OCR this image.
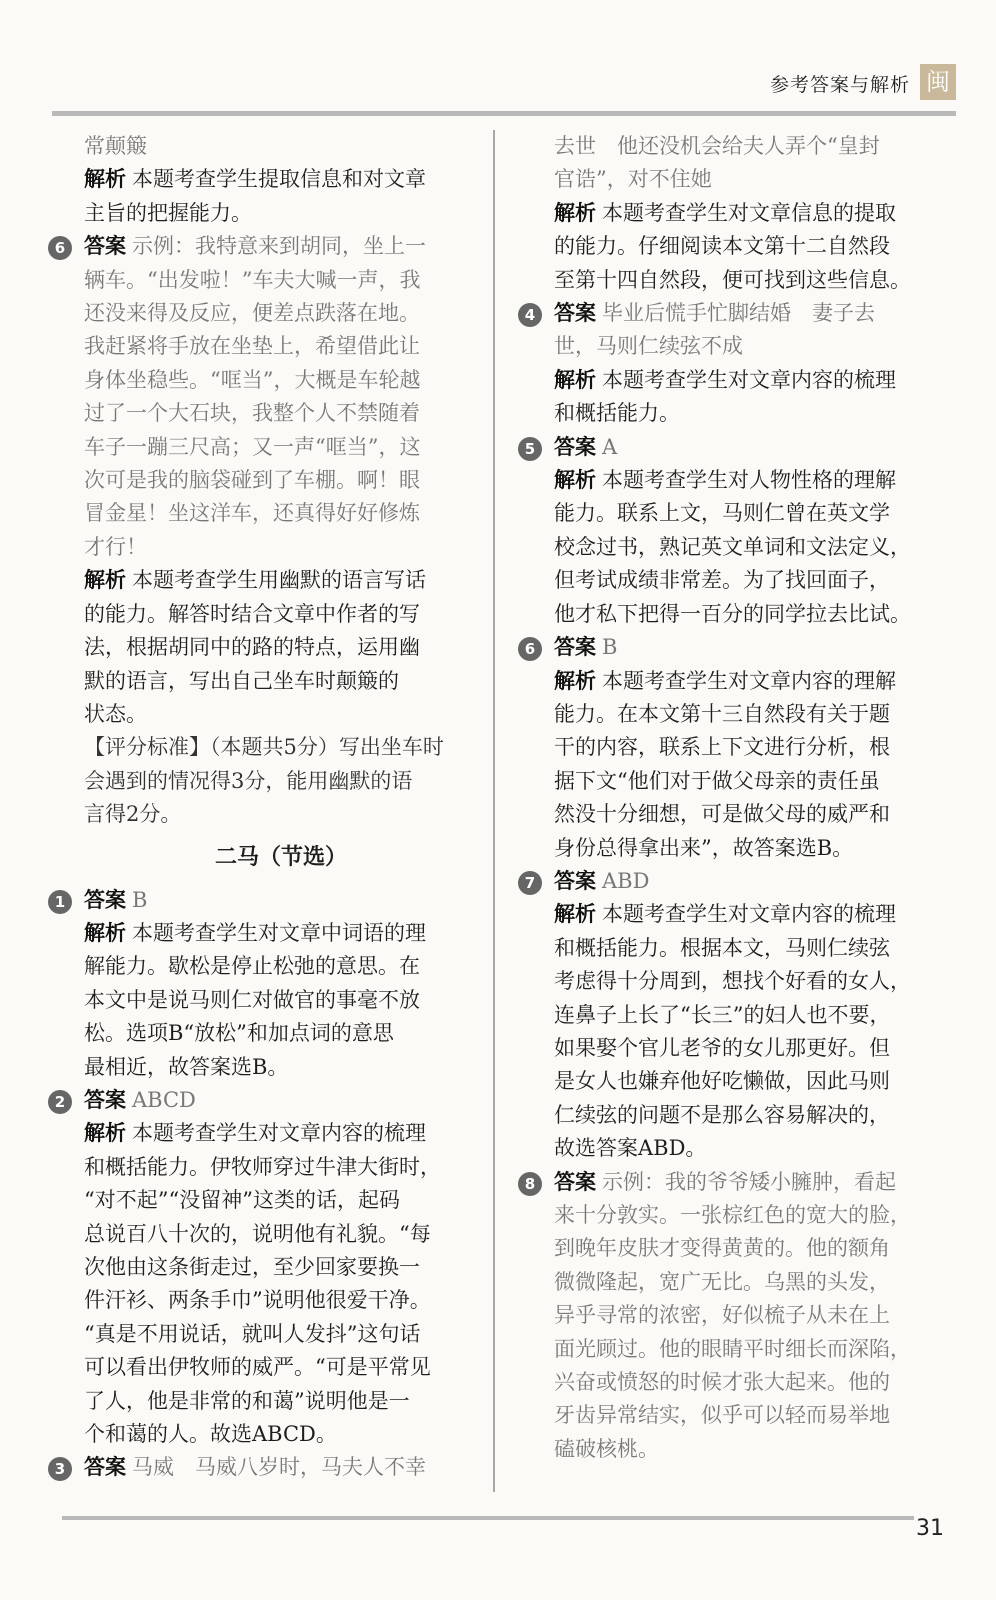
参考答案与解析 闽
常颠簸
解析 本题考查学生提取信息和对文章
主旨的把握能力。
6 答案 示例：我特意来到胡同，坐上一
辆车。“出发啦！”车夫大喊一声，我
还没来得及反应，便差点跌落在地。
我赶紧将手放在坐垫上，希望借此让
身体坐稳些。“哐当”，大概是车轮越
过了一个大石块，我整个人不禁随着
车子一蹦三尺高；又一声“哐当”，这
次可是我的脑袋碰到了车棚。啊！眼
冒金星！坐这洋车，还真得好好修炼
才行！
解析 本题考查学生用幽默的语言写话
的能力。解答时结合文章中作者的写
法，根据胡同中的路的特点，运用幽
默的语言，写出自己坐车时颠簸的
状态。
【评分标准】（本题共5分）写出坐车时
会遇到的情况得3分，能用幽默的语
言得2分。
二马（节选）
1 答案 B
解析 本题考查学生对文章中词语的理
解能力。歇松是停止松弛的意思。在
本文中是说马则仁对做官的事毫不放
松。选项B“放松”和加点词的意思
最相近，故答案选B。
2 答案 ABCD
解析 本题考查学生对文章内容的梳理
和概括能力。伊牧师穿过牛津大街时，
“对不起”“没留神”这类的话，起码
总说百八十次的，说明他有礼貌。“每
次他由这条街走过，至少回家要换一
件汗衫、两条手巾”说明他很爱干净。
“真是不用说话，就叫人发抖”这句话
可以看出伊牧师的威严。“可是平常见
了人，他是非常的和蔼”说明他是一
个和蔼的人。故选ABCD。
3 答案 马威　马威八岁时，马夫人不幸
去世　他还没机会给夫人弄个“皇封
官诰”，对不住她
解析 本题考查学生对文章信息的提取
的能力。仔细阅读本文第十二自然段
至第十四自然段，便可找到这些信息。
4 答案 毕业后慌手忙脚结婚　妻子去
世，马则仁续弦不成
解析 本题考查学生对文章内容的梳理
和概括能力。
5 答案 A
解析 本题考查学生对人物性格的理解
能力。联系上文，马则仁曾在英文学
校念过书，熟记英文单词和文法定义，
但考试成绩非常差。为了找回面子，
他才私下把得一百分的同学拉去比试。
6 答案 B
解析 本题考查学生对文章内容的理解
能力。在本文第十三自然段有关于题
干的内容，联系上下文进行分析，根
据下文“他们对于做父母亲的责任虽
然没十分细想，可是做父母的威严和
身份总得拿出来”，故答案选B。
7 答案 ABD
解析 本题考查学生对文章内容的梳理
和概括能力。根据本文，马则仁续弦
考虑得十分周到，想找个好看的女人，
连鼻子上长了“长三”的妇人也不要，
如果娶个官儿老爷的女儿那更好。但
是女人也嫌弃他好吃懒做，因此马则
仁续弦的问题不是那么容易解决的，
故选答案ABD。
8 答案 示例：我的爷爷矮小臃肿，看起
来十分敦实。一张棕红色的宽大的脸，
到晚年皮肤才变得黄黄的。他的额角
微微隆起，宽广无比。乌黑的头发，
异乎寻常的浓密，好似梳子从未在上
面光顾过。他的眼睛平时细长而深陷，
兴奋或愤怒的时候才张大起来。他的
牙齿异常结实，似乎可以轻而易举地
磕破核桃。
31
